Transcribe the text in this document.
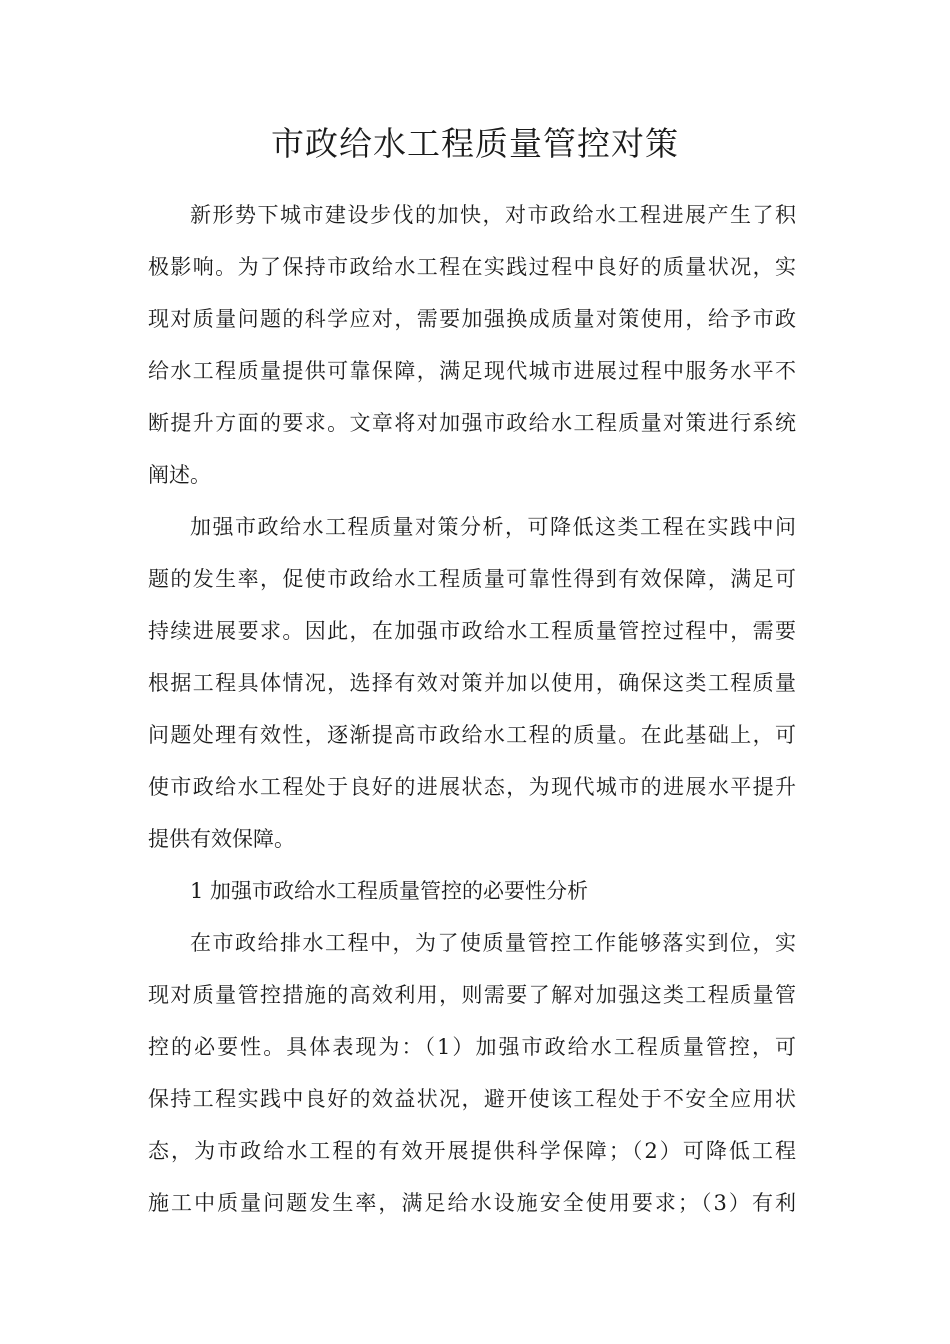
市政给水工程质量管控对策
新形势下城市建设步伐的加快，对市政给水工程进展产生了积
极影响。为了保持市政给水工程在实践过程中良好的质量状况，实
现对质量问题的科学应对，需要加强换成质量对策使用，给予市政
给水工程质量提供可靠保障，满足现代城市进展过程中服务水平不
断提升方面的要求。文章将对加强市政给水工程质量对策进行系统
阐述。
加强市政给水工程质量对策分析，可降低这类工程在实践中问
题的发生率，促使市政给水工程质量可靠性得到有效保障，满足可
持续进展要求。因此，在加强市政给水工程质量管控过程中，需要
根据工程具体情况，选择有效对策并加以使用，确保这类工程质量
问题处理有效性，逐渐提高市政给水工程的质量。在此基础上，可
使市政给水工程处于良好的进展状态，为现代城市的进展水平提升
提供有效保障。
1 加强市政给水工程质量管控的必要性分析
在市政给排水工程中，为了使质量管控工作能够落实到位，实
现对质量管控措施的高效利用，则需要了解对加强这类工程质量管
控的必要性。具体表现为：（1）加强市政给水工程质量管控，可
保持工程实践中良好的效益状况，避开使该工程处于不安全应用状
态，为市政给水工程的有效开展提供科学保障；（2）可降低工程
施工中质量问题发生率，满足给水设施安全使用要求；（3）有利
